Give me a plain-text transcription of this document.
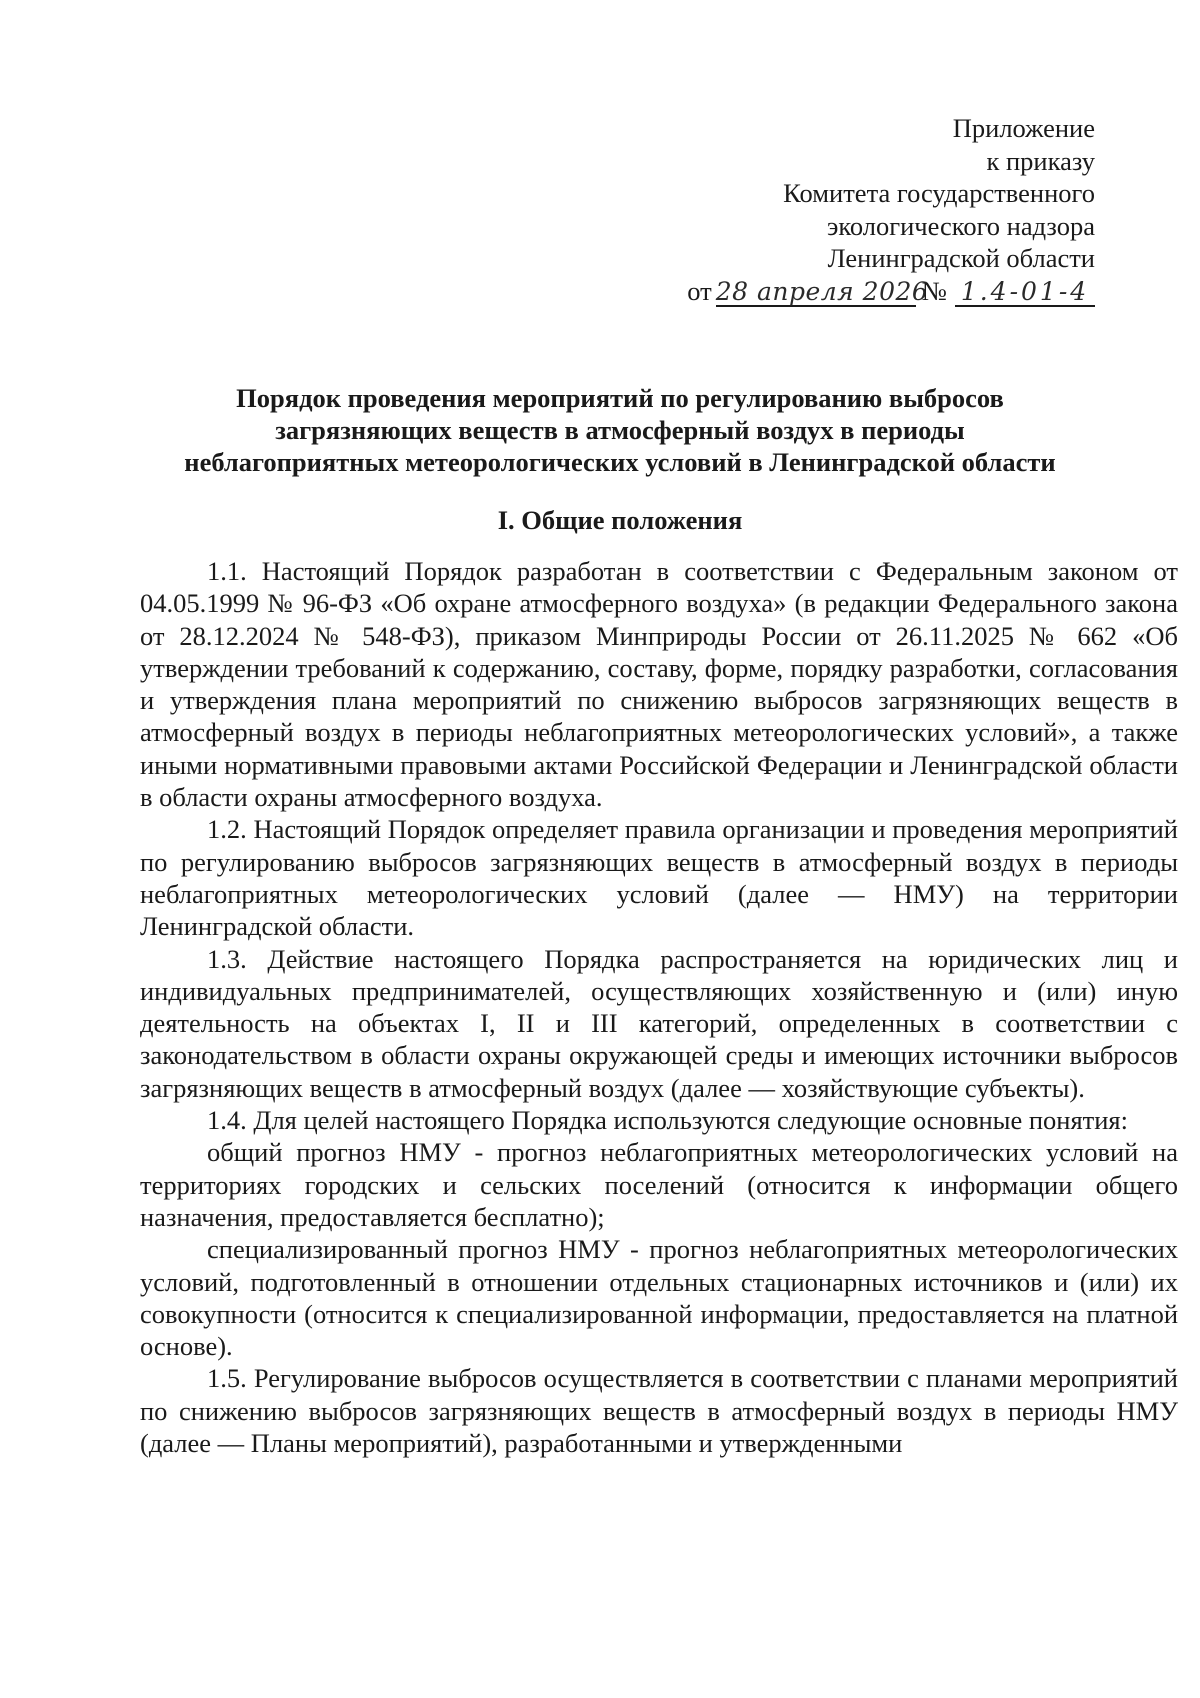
Приложение
к приказу
Комитета государственного
экологического надзора
Ленинградской области
от 28 апреля 2026№ 1.4-01-4
Порядок проведения мероприятий по регулированию выбросов
загрязняющих веществ в атмосферный воздух в периоды
неблагоприятных метеорологических условий в Ленинградской области
I. Общие положения

1.1. Настоящий Порядок разработан в соответствии с Федеральным законом от 04.05.1999 № 96-ФЗ «Об охране атмосферного воздуха» (в редакции Федерального закона от 28.12.2024 № 548-ФЗ), приказом Минприроды России от 26.11.2025 № 662 «Об утверждении требований к содержанию, составу, форме, порядку разработки, согласования и утверждения плана мероприятий по снижению выбросов загрязняющих веществ в атмосферный воздух в периоды неблагоприятных метеорологических условий», а также иными нормативными правовыми актами Российской Федерации и Ленинградской области в области охраны атмосферного воздуха.

1.2. Настоящий Порядок определяет правила организации и проведения мероприятий по регулированию выбросов загрязняющих веществ в атмосферный воздух в периоды неблагоприятных метеорологических условий (далее — НМУ) на территории Ленинградской области.

1.3. Действие настоящего Порядка распространяется на юридических лиц и индивидуальных предпринимателей, осуществляющих хозяйственную и (или) иную деятельность на объектах I, II и III категорий, определенных в соответствии с законодательством в области охраны окружающей среды и имеющих источники выбросов загрязняющих веществ в атмосферный воздух (далее — хозяйствующие субъекты).

1.4. Для целей настоящего Порядка используются следующие основные понятия:

общий прогноз НМУ - прогноз неблагоприятных метеорологических условий на территориях городских и сельских поселений (относится к информации общего назначения, предоставляется бесплатно);

специализированный прогноз НМУ - прогноз неблагоприятных метеорологических условий, подготовленный в отношении отдельных стационарных источников и (или) их совокупности (относится к специализированной информации, предоставляется на платной основе).

1.5. Регулирование выбросов осуществляется в соответствии с планами мероприятий по снижению выбросов загрязняющих веществ в атмосферный воздух в периоды НМУ (далее — Планы мероприятий), разработанными и утвержденными
